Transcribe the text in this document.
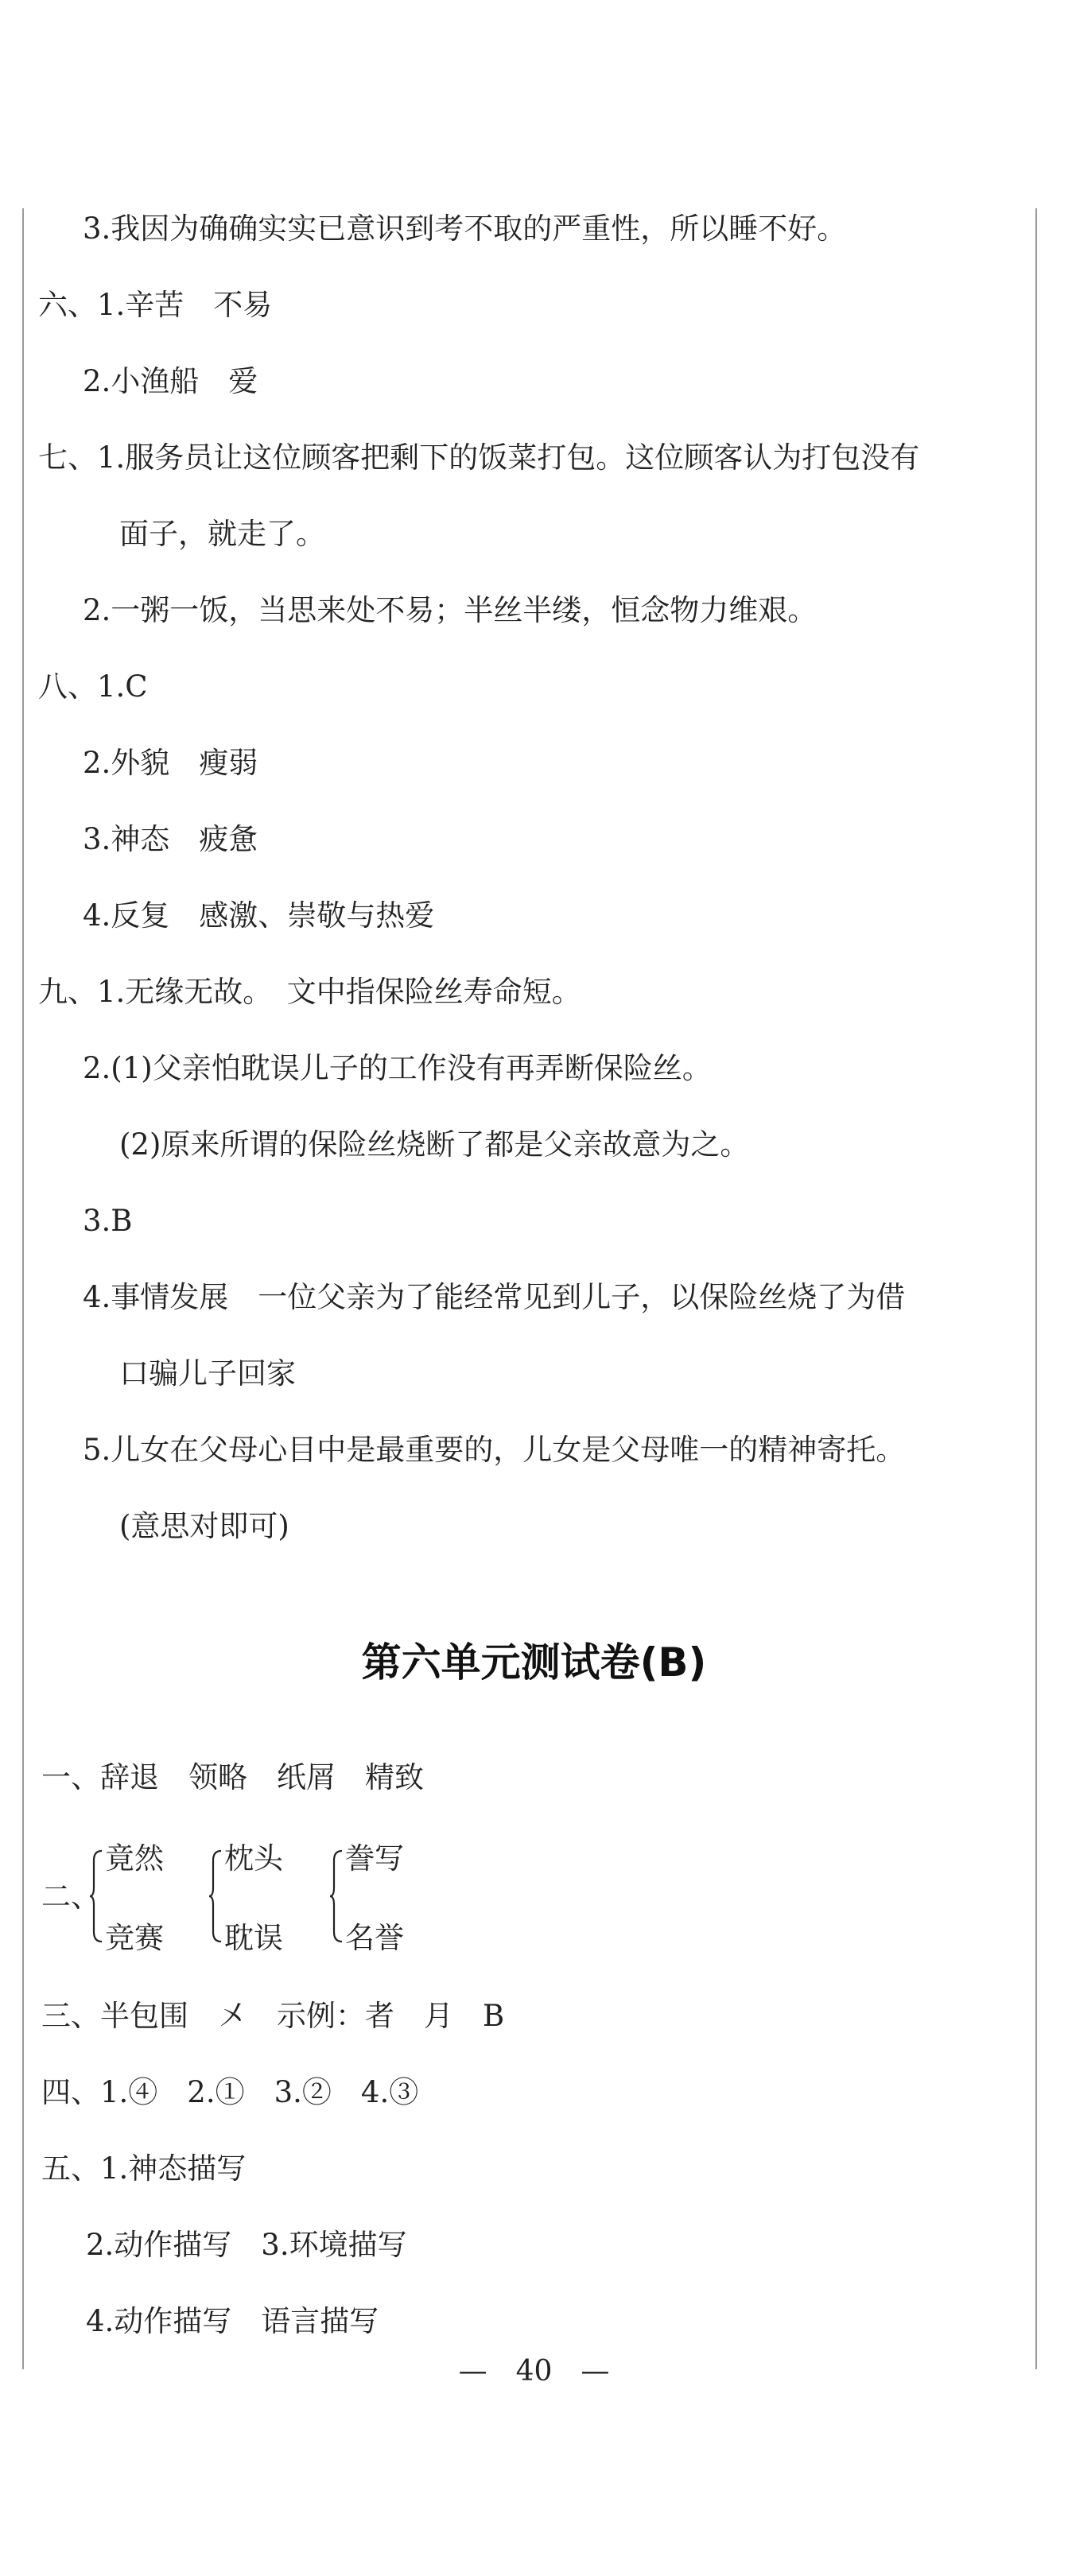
3.我因为确确实实已意识到考不取的严重性，所以睡不好。
六、1.辛苦　不易
2.小渔船　爱
七、1.服务员让这位顾客把剩下的饭菜打包。这位顾客认为打包没有
面子，就走了。
2.一粥一饭，当思来处不易；半丝半缕，恒念物力维艰。
八、1.C
2.外貌　瘦弱
3.神态　疲惫
4.反复　感激、崇敬与热爱
九、1.无缘无故。　文中指保险丝寿命短。
2.(1)父亲怕耽误儿子的工作没有再弄断保险丝。
(2)原来所谓的保险丝烧断了都是父亲故意为之。
3.B
4.事情发展　一位父亲为了能经常见到儿子，以保险丝烧了为借
口骗儿子回家
5.儿女在父母心目中是最重要的，儿女是父母唯一的精神寄托。
(意思对即可)
第六单元测试卷(B)
一、辞退　领略　纸屑　精致
二、
竟然
竞赛
枕头
耽误
誊写
名誉
三、半包围　㐅　示例：者　月　B
四、1.④　2.①　3.②　4.③
五、1.神态描写
2.动作描写　3.环境描写
4.动作描写　语言描写
—　40　—
